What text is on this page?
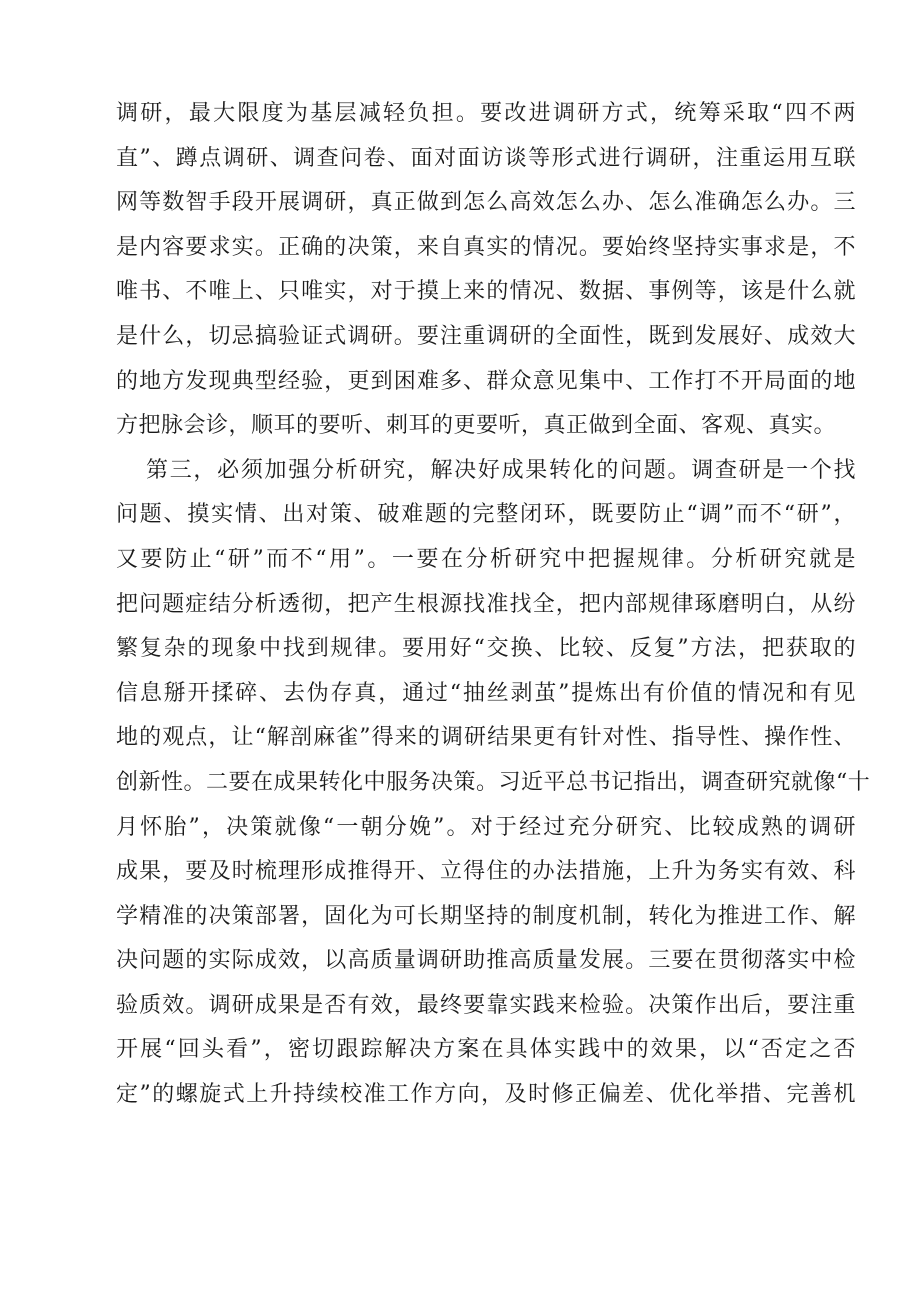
调研，最大限度为基层减轻负担。要改进调研方式，统筹采取“四不两
直”、蹲点调研、调查问卷、面对面访谈等形式进行调研，注重运用互联
网等数智手段开展调研，真正做到怎么高效怎么办、怎么准确怎么办。三
是内容要求实。正确的决策，来自真实的情况。要始终坚持实事求是，不
唯书、不唯上、只唯实，对于摸上来的情况、数据、事例等，该是什么就
是什么，切忌搞验证式调研。要注重调研的全面性，既到发展好、成效大
的地方发现典型经验，更到困难多、群众意见集中、工作打不开局面的地
方把脉会诊，顺耳的要听、刺耳的更要听，真正做到全面、客观、真实。
第三，必须加强分析研究，解决好成果转化的问题。调查研是一个找
问题、摸实情、出对策、破难题的完整闭环，既要防止“调”而不“研”，
又要防止“研”而不“用”。一要在分析研究中把握规律。分析研究就是
把问题症结分析透彻，把产生根源找准找全，把内部规律琢磨明白，从纷
繁复杂的现象中找到规律。要用好“交换、比较、反复”方法，把获取的
信息掰开揉碎、去伪存真，通过“抽丝剥茧”提炼出有价值的情况和有见
地的观点，让“解剖麻雀”得来的调研结果更有针对性、指导性、操作性、
创新性。二要在成果转化中服务决策。习近平总书记指出，调查研究就像“十
月怀胎”，决策就像“一朝分娩”。对于经过充分研究、比较成熟的调研
成果，要及时梳理形成推得开、立得住的办法措施，上升为务实有效、科
学精准的决策部署，固化为可长期坚持的制度机制，转化为推进工作、解
决问题的实际成效，以高质量调研助推高质量发展。三要在贯彻落实中检
验质效。调研成果是否有效，最终要靠实践来检验。决策作出后，要注重
开展“回头看”，密切跟踪解决方案在具体实践中的效果，以“否定之否
定”的螺旋式上升持续校准工作方向，及时修正偏差、优化举措、完善机
